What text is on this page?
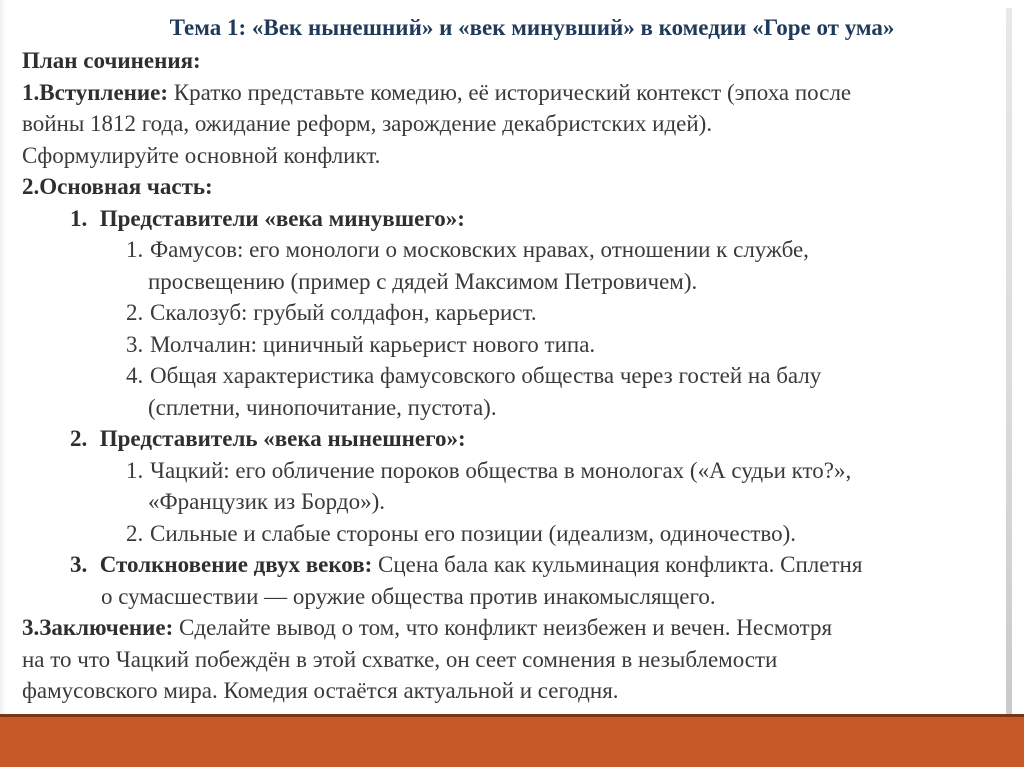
Тема 1: «Век нынешний» и «век минувший» в комедии «Горе от ума»
План сочинения:
1.Вступление: Кратко представьте комедию, её исторический контекст (эпоха после
войны 1812 года, ожидание реформ, зарождение декабристских идей).
Сформулируйте основной конфликт.
2.Основная часть:
1. Представители «века минувшего»:
1. Фамусов: его монологи о московских нравах, отношении к службе,
просвещению (пример с дядей Максимом Петровичем).
2. Скалозуб: грубый солдафон, карьерист.
3. Молчалин: циничный карьерист нового типа.
4. Общая характеристика фамусовского общества через гостей на балу
(сплетни, чинопочитание, пустота).
2. Представитель «века нынешнего»:
1. Чацкий: его обличение пороков общества в монологах («А судьи кто?»,
«Французик из Бордо»).
2. Сильные и слабые стороны его позиции (идеализм, одиночество).
3. Столкновение двух веков: Сцена бала как кульминация конфликта. Сплетня
о сумасшествии — оружие общества против инакомыслящего.
3.Заключение: Сделайте вывод о том, что конфликт неизбежен и вечен. Несмотря
на то что Чацкий побеждён в этой схватке, он сеет сомнения в незыблемости
фамусовского мира. Комедия остаётся актуальной и сегодня.
